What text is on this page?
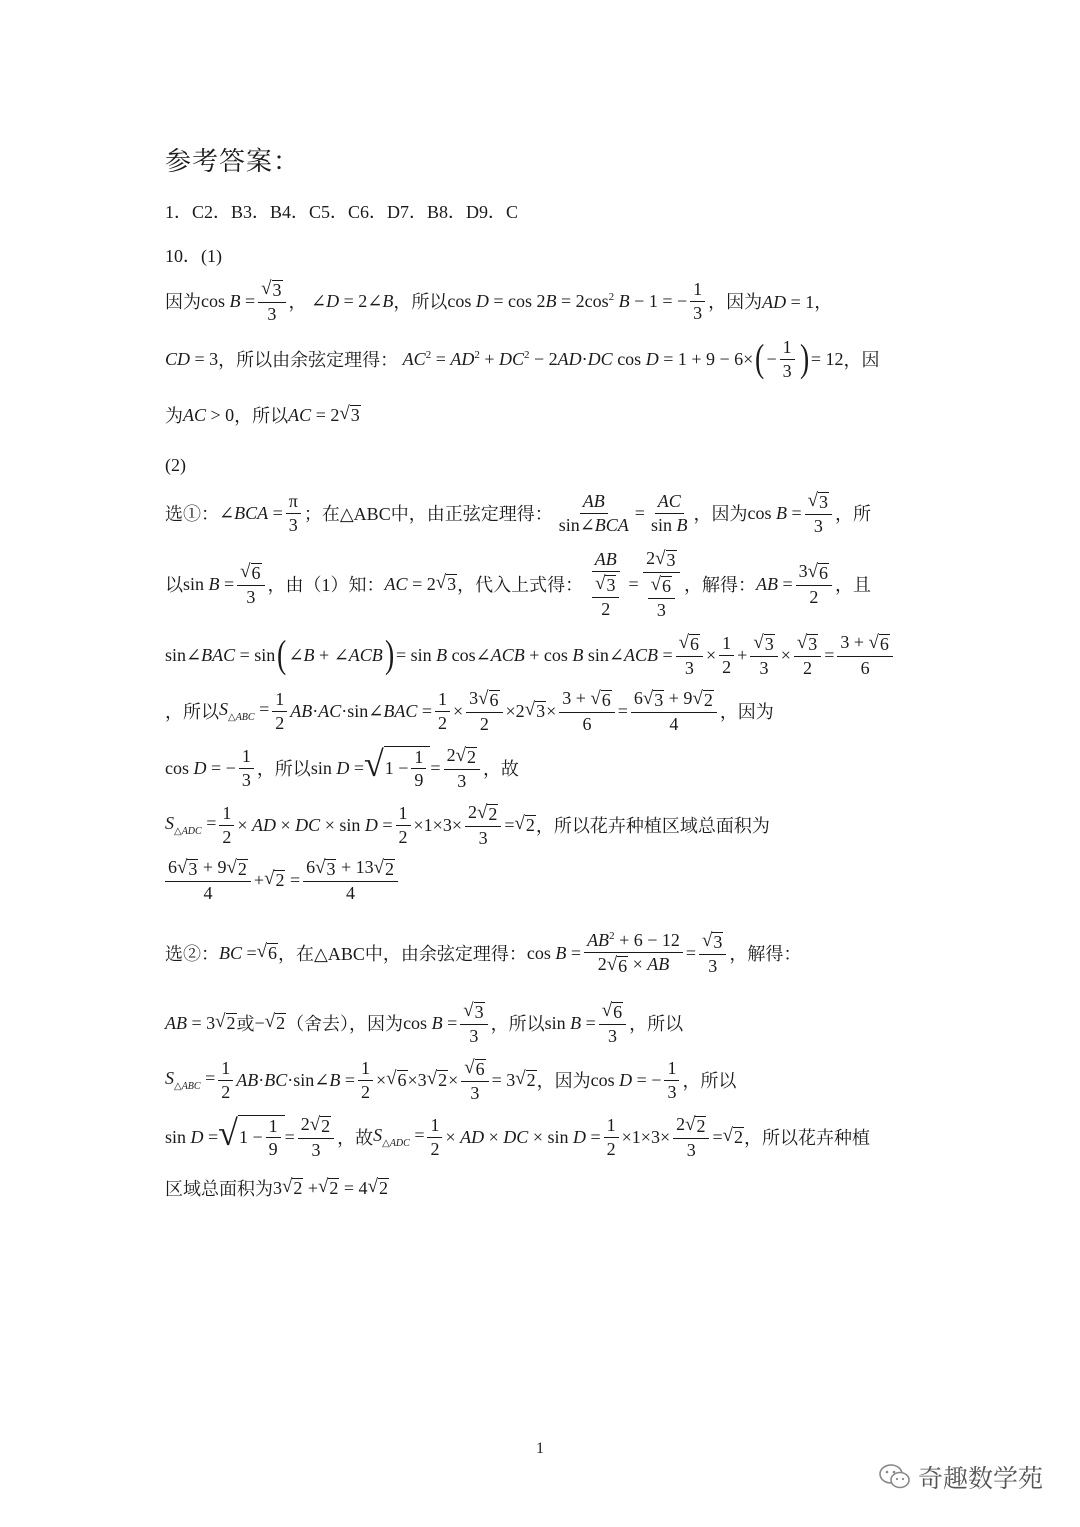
参考答案：
1．C2．B3．B4．C5．C6．D7．B8．D9．C
10．(1)
因为 $\cos B = \frac{√ 3}{3}$ ， ∠D = 2∠B ，所以 $\cos D = \cos 2B = 2\cos^2$ B − 1 = − $\frac{1}{3}$ ，因为 AD = 1，
CD = 3 ，所以由余弦定理得： $AC^2 = AD^2 + DC^2 - 2AD\cdot DC$ cos D = 1 + 9 − 6× ( − $\frac{1}{3}$ ) = 12 ，因
为 AC > 0 ，所以 AC = 2 √ 3
(2)
选①： ∠BCA = $\frac{\pi}{3}$ ；在△ABC中，由正弦定理得： $\frac{AB}{\text{sin∠BCA}} = \frac{AC}{\text{sin B}}$ ，因为 $\cos B = \frac{√ 3}{3}$ ，所
以 $\sin B = \frac{√ 6}{3}$ ，由（1）知： AC = 2 √ 3 ，代入上式得： $\frac{AB}{\frac{√ 3}{2}} = \frac{2 √ 3}{\frac{√ 6}{3}}$ ，解得： AB = $\frac{3 √ 6}{2}$ ，且
sin∠BAC = sin ( ∠B + ∠ACB ) = sin B cos∠ACB + cos B sin∠ACB = $\frac{√ 6}{3} \times \frac{1}{2} + \frac{√ 3}{3} \times \frac{√ 3}{2} = \frac{3 + √ 6}{6}$
，所以 $S_{\triangle ABC} = \frac{1}{2}$ AB·AC·sin∠BAC = $\frac{1}{2} \times \frac{3 √ 6}{2} \times 2$ √ $3 \times \frac{3 + √ 6}{6} = \frac{6 √ 3 + 9 √ 2}{4}$ ，因为
cos D = − $\frac{1}{3}$ ，所以 sin D = √ $1 - \frac{1}{9} = \frac{2 √ 2}{3}$ ，故
$S_{\triangle ADC} = \frac{1}{2}$ × AD × DC × $\sin D = \frac{1}{2} \times 1\times 3\times \frac{2 √ 2}{3}$ = √ 2 ，所以花卉种植区域总面积为
$\frac{6 √ 3 + 9 √ 2}{4}$ + √ $2 = \frac{6 √ 3 + 13 √ 2}{4}$
选②： BC = √ 6 ，在△ABC中，由余弦定理得： $\cos B = \frac{AB^2 + 6 - 12}{2 √ 6 \times AB} = \frac{√ 3}{3}$ ，解得：
AB = 3 √ 2 或 − √ 2 （舍去），因为 $\cos B = \frac{√ 3}{3}$ ，所以 $\sin B = \frac{√ 6}{3}$ ，所以
$S_{\triangle ABC} = \frac{1}{2}$ AB·BC·sin∠B = $\frac{1}{2}$ × √ 6 ×3 √ $2 \times \frac{√ 6}{3} = 3$ √ 2 ，因为 cos D = − $\frac{1}{3}$ ，所以
sin D = √ $1 - \frac{1}{9} = \frac{2 √ 2}{3}$ ，故 $S_{\triangle ADC} = \frac{1}{2}$ × AD × DC × $\sin D = \frac{1}{2} \times 1\times 3\times \frac{2 √ 2}{3}$ = √ 2 ，所以花卉种植
区域总面积为 3 √ 2 + √ 2 = 4 √ 2
1
奇趣数学苑
